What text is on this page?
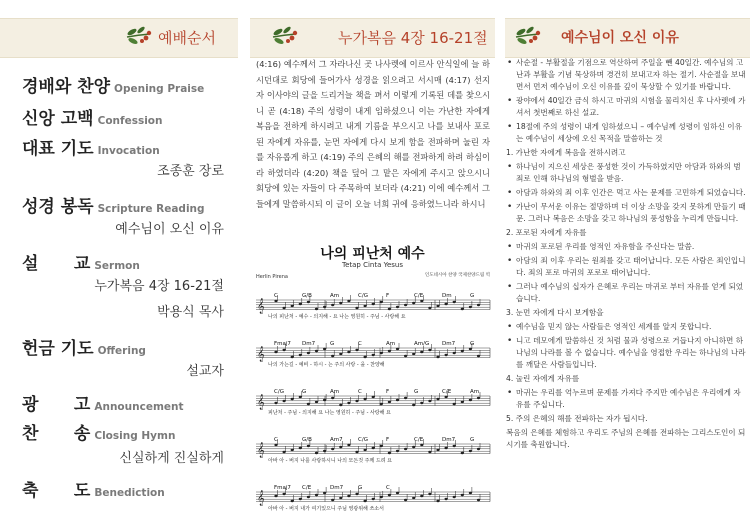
예배순서
경배와 찬양 Opening Praise
신앙 고백 Confession
대표 기도 Invocation
조종훈 장로
성경 봉독 Scripture Reading
예수님이 오신 이유
설      교 Sermon
누가복음 4장 16-21절
박용식 목사
헌금 기도 Offering
설교자
광      고 Announcement
찬      송 Closing Hymn
신실하게 진실하게
축      도 Benediction
누가복음 4장 16-21절
(4:16) 예수께서 그 자라나신 곳 나사렛에 이르사 안식일에 늘 하시던대로 회당에 들어가사 성경을 읽으려고 서시매 (4:17) 선지자 이사야의 글을 드리거늘 책을 펴서 이렇게 기록된 데를 찾으시니 곧 (4:18) 주의 성령이 내게 임하셨으니 이는 가난한 자에게 복음을 전하게 하시려고 내게 기름을 부으시고 나를 보내사 포로된 자에게 자유를, 눈먼 자에게 다시 보게 함을 전파하며 눌린 자를 자유롭게 하고 (4:19) 주의 은혜의 해를 전파하게 하려 하심이라 하였더라 (4:20) 책을 덮어 그 맡은 자에게 주시고 앉으시니 회당에 있는 자들이 다 주목하여 보더라 (4:21) 이에 예수께서 그들에게 말씀하시되 이 글이 오늘 너희 귀에 응하였느니라 하시니
나의 피난처 예수
Tetap Cinta Yesus
Herlin Pirena	인도네시아 찬양 국제찬양드림 역
𝄞
C	G/B	Am	C/G	F	C/E	Dm	G
나의 피난처 - 예수 - 의지해 - 요 나는 영원히 - 주님 - 사랑해 요
𝄞
Fmaj7 Dm7	G	C	Am	Am/G Dm7	G
나의 가는길 - 예비 - 하시 - 는 주의 사랑 - 을 - 찬양해
𝄞
C/G	G	Am	C	F	G	C/E	Am
피난처 - 주님 - 의지해 요 나는 영원히 - 주님 - 사랑해 요
𝄞
C	G/B	Am7	C/G	F	C/E	Dm7	G
아바 아 - 버지 나를 사랑하시니 나의 모든것 주께 드려 요
𝄞
Fmaj7 C/E	Dm7	G	C
아바 아 - 버지 내가 여기있으니 주님 영광위해 쓰소서
예수님이 오신 이유
• 사순절 - 부활절을 기점으로 역산하여 주일을 뺀 40일간. 예수님의 고난과 부활을 기념 묵상하며 경건히 보내고자 하는 절기. 사순절을 보내면서 먼저 예수님이 오신 이유를 깊이 묵상할 수 있기를 바랍니다.
• 광야에서 40일간 금식 하시고 마귀의 시험을 물리치신 후 나사렛에 가셔서 첫번째로 하신 설교.
• 18절에 주의 성령이 내게 임하셨으니 – 예수님께 성령이 임하신 이유는 예수님이 세상에 오신 목적을 말씀하는 것
1. 가난한 자에게 복음을 전하시려고
• 하나님이 지으신 세상은 풍성한 것이 가득하였지만 아담과 하와의 범죄로 인해 하나님의 형벌을 받음.
• 아담과 하와의 죄 이후 인간은 먹고 사는 문제를 고민하게 되었습니다.
• 가난이 무서운 이유는 절망하며 더 이상 소망을 갖지 못하게 만들기 때문. 그러나 복음은 소망을 갖고 하나님의 풍성함을 누리게 만듭니다.
2. 포로된 자에게 자유를
• 마귀의 포로된 우리를 영적인 자유함을 주신다는 말씀.
• 아담의 죄 이후 우리는 원죄를 갖고 태어납니다. 모든 사람은 죄인입니다. 죄의 포로 마귀의 포로로 태어납니다.
• 그러나 예수님의 십자가 은혜로 우리는 마귀로 부터 자유를 얻게 되었습니다.
3. 눈먼 자에게 다시 보게함을
• 예수님을 믿지 않는 사람들은 영적인 세계를 알지 못합니다.
• 니고 데모에게 말씀하신 것 처럼 물과 성령으로 거듭나지 아니하면 하나님의 나라를 볼 수 없습니다. 예수님을 영접한 우리는 하나님의 나라를 깨달은 사람들입니다.
4. 눌린 자에게 자유를
• 마귀는 우리를 억누르며 문제를 가져다 주지만 예수님은 우리에게 자유를 주십니다.
5. 주의 은혜의 해를 전파하는 자가 됩시다.
복음의 은혜를 체험하고 우리도 주님의 은혜를 전파하는 그리스도인이 되시기를 축원합니다.
